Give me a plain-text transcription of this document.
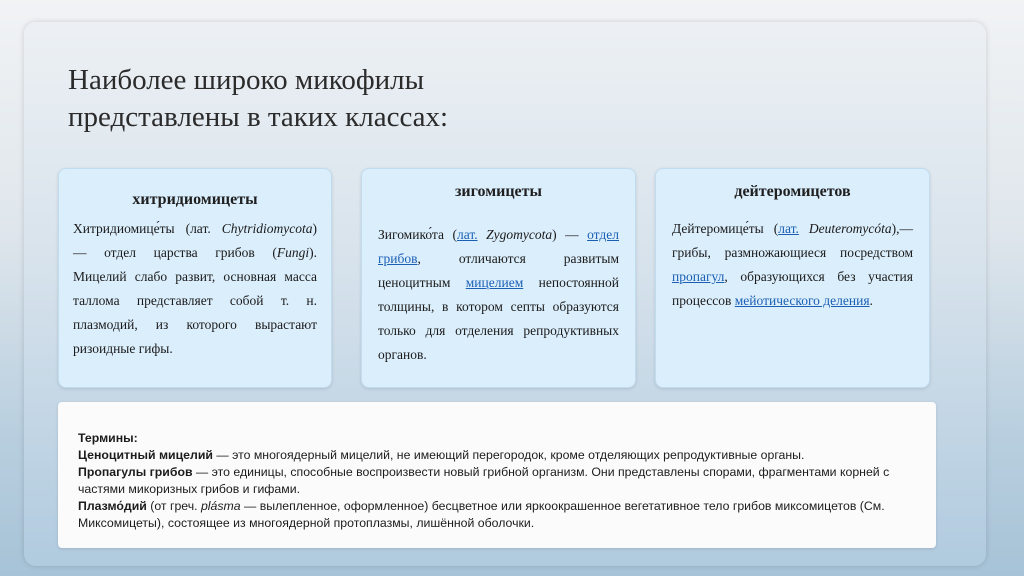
Наиболее широко микофилы
представлены в таких классах:
хитридиомицеты
Хитридиомице́ты (лат. Chytridiomycota) — отдел царства грибов (Fungi). Мицелий слабо развит, основная масса таллома представляет собой т. н. плазмодий, из которого вырастают ризоидные гифы.
зигомицеты
Зигомико́та (лат. Zygomycota) — отдел грибов, отличаются развитым ценоцитным мицелием непостоянной толщины, в котором септы образуются только для отделения репродуктивных органов.
дейтеромицетов
Дейтеромице́ты (лат. Deuteromycóta),— грибы, размножающиеся посредством пропагул, образующихся без участия процессов мейотического деления.
Термины:
Ценоцитный мицелий — это многоядерный мицелий, не имеющий перегородок, кроме отделяющих репродуктивные органы.
Пропагулы грибов — это единицы, способные воспроизвести новый грибной организм. Они представлены спорами, фрагментами корней с частями микоризных грибов и гифами.
Плазмо́дий (от греч. plásma — вылепленное, оформленное) бесцветное или яркоокрашенное вегетативное тело грибов миксомицетов (См. Миксомицеты), состоящее из многоядерной протоплазмы, лишённой оболочки.
